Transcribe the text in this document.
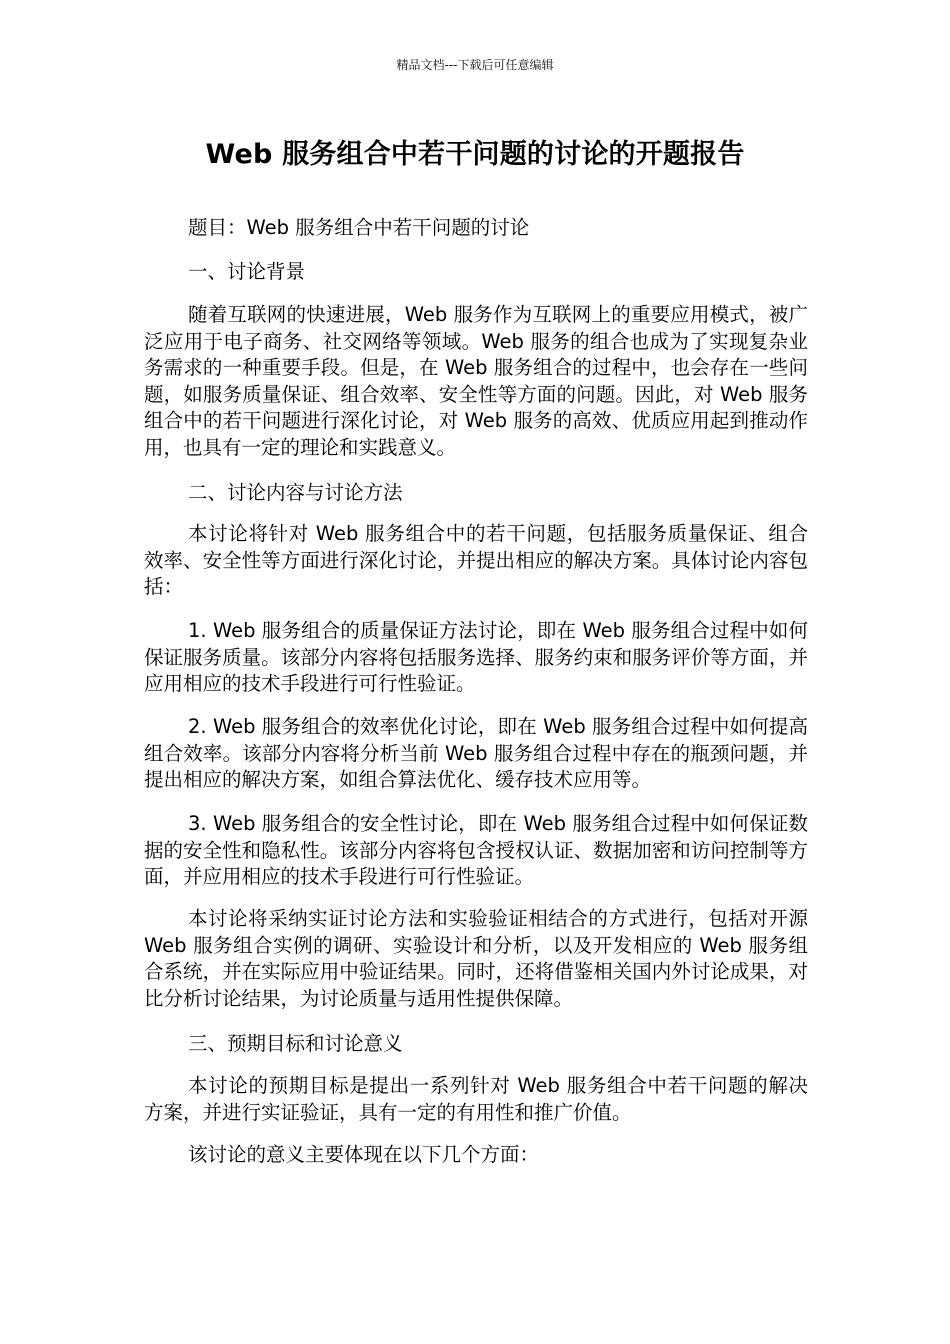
精品文档---下载后可任意编辑
Web 服务组合中若干问题的讨论的开题报告

题目：Web 服务组合中若干问题的讨论

一、讨论背景

随着互联网的快速进展，Web 服务作为互联网上的重要应用模式，被广泛应用于电子商务、社交网络等领域。Web 服务的组合也成为了实现复杂业务需求的一种重要手段。但是，在 Web 服务组合的过程中，也会存在一些问题，如服务质量保证、组合效率、安全性等方面的问题。因此，对 Web 服务组合中的若干问题进行深化讨论，对 Web 服务的高效、优质应用起到推动作用，也具有一定的理论和实践意义。

二、讨论内容与讨论方法

本讨论将针对 Web 服务组合中的若干问题，包括服务质量保证、组合效率、安全性等方面进行深化讨论，并提出相应的解决方案。具体讨论内容包括：

1. Web 服务组合的质量保证方法讨论，即在 Web 服务组合过程中如何保证服务质量。该部分内容将包括服务选择、服务约束和服务评价等方面，并应用相应的技术手段进行可行性验证。

2. Web 服务组合的效率优化讨论，即在 Web 服务组合过程中如何提高组合效率。该部分内容将分析当前 Web 服务组合过程中存在的瓶颈问题，并提出相应的解决方案，如组合算法优化、缓存技术应用等。

3. Web 服务组合的安全性讨论，即在 Web 服务组合过程中如何保证数据的安全性和隐私性。该部分内容将包含授权认证、数据加密和访问控制等方面，并应用相应的技术手段进行可行性验证。

本讨论将采纳实证讨论方法和实验验证相结合的方式进行，包括对开源 Web 服务组合实例的调研、实验设计和分析，以及开发相应的 Web 服务组合系统，并在实际应用中验证结果。同时，还将借鉴相关国内外讨论成果，对比分析讨论结果，为讨论质量与适用性提供保障。

三、预期目标和讨论意义

本讨论的预期目标是提出一系列针对 Web 服务组合中若干问题的解决方案，并进行实证验证，具有一定的有用性和推广价值。

该讨论的意义主要体现在以下几个方面：
